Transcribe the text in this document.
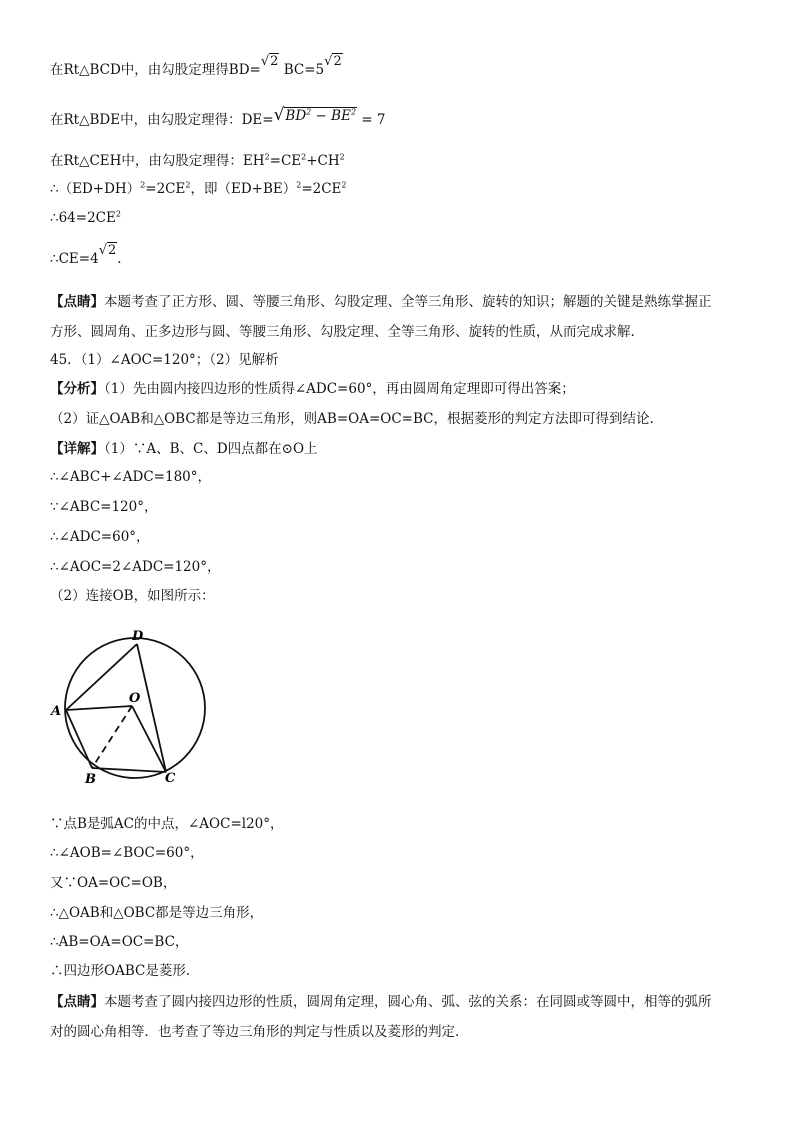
在Rt△BCD中，由勾股定理得BD=√2 BC=5√2
在Rt△BDE中，由勾股定理得：$DE=√BD^2 - BE^2 = 7$
在Rt△CEH中，由勾股定理得：$EH^2=CE^2+CH^2$
$\therefore(ED+DH)^2=2CE^2$，即$(ED+BE)^2=2CE^2$
$\therefore 64=2CE^2$
∴CE=4√2.
【点睛】本题考查了正方形、圆、等腰三角形、勾股定理、全等三角形、旋转的知识；解题的关键是熟练掌握正
方形、圆周角、正多边形与圆、等腰三角形、勾股定理、全等三角形、旋转的性质，从而完成求解.
45．（1）∠AOC=120°；（2）见解析
【分析】（1）先由圆内接四边形的性质得∠ADC=60°，再由圆周角定理即可得出答案；
（2）证△OAB和△OBC都是等边三角形，则AB=OA=OC=BC，根据菱形的判定方法即可得到结论.
【详解】（1）∵A、B、C、D四点都在⊙O上
∴∠ABC+∠ADC=180°，
∵∠ABC=120°，
∴∠ADC=60°，
∴∠AOC=2∠ADC=120°，
（2）连接OB，如图所示：
D
A
O
B	C
∵点B是弧AC的中点，∠AOC=l20°，
∴∠AOB=∠BOC=60°，
又∵OA=OC=OB，
∴△OAB和△OBC都是等边三角形，
∴AB=OA=OC=BC，
∴四边形OABC是菱形.
【点睛】本题考查了圆内接四边形的性质，圆周角定理，圆心角、弧、弦的关系：在同圆或等圆中，相等的弧所
对的圆心角相等．也考查了等边三角形的判定与性质以及菱形的判定.
